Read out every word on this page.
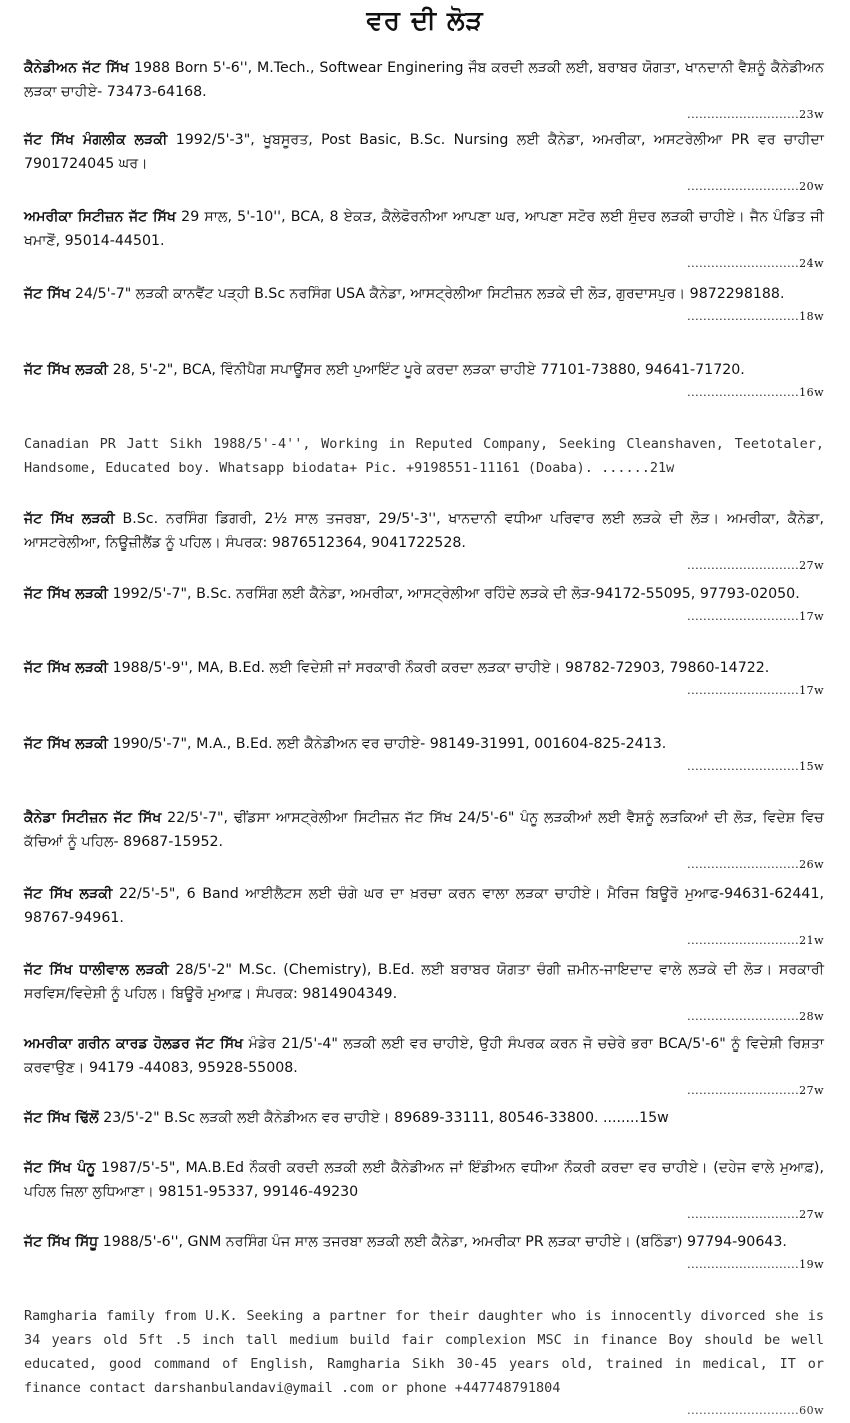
ਵਰ ਦੀ ਲੋੜ
ਕੈਨੇਡੀਅਨ ਜੱਟ ਸਿੱਖ 1988 Born 5'-6'', M.Tech., Softwear Enginering ਜੌਬ ਕਰਦੀ ਲੜਕੀ ਲਈ, ਬਰਾਬਰ ਯੋਗਤਾ, ਖਾਨਦਾਨੀ ਵੈਸ਼ਨੂੰ ਕੈਨੇਡੀਅਨ ਲੜਕਾ ਚਾਹੀਏ- 73473-64168.
............................23w
ਜੱਟ ਸਿੱਖ ਮੰਗਲੀਕ ਲੜਕੀ 1992/5'-3", ਖੂਬਸੂਰਤ, Post Basic, B.Sc. Nursing ਲਈ ਕੈਨੇਡਾ, ਅਮਰੀਕਾ, ਅਸਟਰੇਲੀਆ PR ਵਰ ਚਾਹੀਦਾ 7901724045 ਘਰ।
............................20w
ਅਮਰੀਕਾ ਸਿਟੀਜ਼ਨ ਜੱਟ ਸਿੱਖ 29 ਸਾਲ, 5'-10'', BCA, 8 ਏਕੜ, ਕੈਲੇਫੋਰਨੀਆ ਆਪਣਾ ਘਰ, ਆਪਣਾ ਸਟੋਰ ਲਈ ਸੁੰਦਰ ਲੜਕੀ ਚਾਹੀਏ। ਜੈਨ ਪੰਡਿਤ ਜੀ ਖਮਾਣੋਂ, 95014-44501.
............................24w
ਜੱਟ ਸਿੱਖ 24/5'-7" ਲੜਕੀ ਕਾਨਵੈਂਟ ਪੜ੍ਹੀ B.Sc ਨਰਸਿੰਗ USA ਕੈਨੇਡਾ, ਆਸਟ੍ਰੇਲੀਆ ਸਿਟੀਜ਼ਨ ਲੜਕੇ ਦੀ ਲੋੜ, ਗੁਰਦਾਸਪੁਰ। 9872298188.
............................18w
ਜੱਟ ਸਿੱਖ ਲੜਕੀ 28, 5'-2", BCA, ਵਿੰਨੀਪੈਗ ਸਪਾਊਂਸਰ ਲਈ ਪੁਆਇੰਟ ਪੂਰੇ ਕਰਦਾ ਲੜਕਾ ਚਾਹੀਏ 77101-73880, 94641-71720.
............................16w
Canadian PR Jatt Sikh 1988/5'-4'', Working in Reputed Company, Seeking Cleanshaven, Teetotaler, Handsome, Educated boy. Whatsapp biodata+ Pic. +9198551-11161 (Doaba). ......21w
ਜੱਟ ਸਿੱਖ ਲੜਕੀ B.Sc. ਨਰਸਿੰਗ ਡਿਗਰੀ, 2½ ਸਾਲ ਤਜਰਬਾ, 29/5'-3'', ਖਾਨਦਾਨੀ ਵਧੀਆ ਪਰਿਵਾਰ ਲਈ ਲੜਕੇ ਦੀ ਲੋੜ। ਅਮਰੀਕਾ, ਕੈਨੇਡਾ, ਆਸਟਰੇਲੀਆ, ਨਿਊਜ਼ੀਲੈਂਡ ਨੂੰ ਪਹਿਲ। ਸੰਪਰਕ: 9876512364, 9041722528.
............................27w
ਜੱਟ ਸਿੱਖ ਲੜਕੀ 1992/5'-7", B.Sc. ਨਰਸਿੰਗ ਲਈ ਕੈਨੇਡਾ, ਅਮਰੀਕਾ, ਆਸਟ੍ਰੇਲੀਆ ਰਹਿੰਦੇ ਲੜਕੇ ਦੀ ਲੋੜ-94172-55095, 97793-02050.
............................17w
ਜੱਟ ਸਿੱਖ ਲੜਕੀ 1988/5'-9'', MA, B.Ed. ਲਈ ਵਿਦੇਸ਼ੀ ਜਾਂ ਸਰਕਾਰੀ ਨੌਕਰੀ ਕਰਦਾ ਲੜਕਾ ਚਾਹੀਏ। 98782-72903, 79860-14722.
............................17w
ਜੱਟ ਸਿੱਖ ਲੜਕੀ 1990/5'-7", M.A., B.Ed. ਲਈ ਕੈਨੇਡੀਅਨ ਵਰ ਚਾਹੀਏ- 98149-31991, 001604-825-2413.
............................15w
ਕੈਨੇਡਾ ਸਿਟੀਜ਼ਨ ਜੱਟ ਸਿੱਖ 22/5'-7", ਢੀਂਡਸਾ ਆਸਟ੍ਰੇਲੀਆ ਸਿਟੀਜ਼ਨ ਜੱਟ ਸਿੱਖ 24/5'-6" ਪੰਨੂ ਲੜਕੀਆਂ ਲਈ ਵੈਸ਼ਨੂੰ ਲੜਕਿਆਂ ਦੀ ਲੋੜ, ਵਿਦੇਸ਼ ਵਿਚ ਕੱਚਿਆਂ ਨੂੰ ਪਹਿਲ- 89687-15952.
............................26w
ਜੱਟ ਸਿੱਖ ਲੜਕੀ 22/5'-5", 6 Band ਆਈਲੈਟਸ ਲਈ ਚੰਗੇ ਘਰ ਦਾ ਖ਼ਰਚਾ ਕਰਨ ਵਾਲਾ ਲੜਕਾ ਚਾਹੀਏ। ਮੈਰਿਜ ਬਿਊਰੋ ਮੁਆਫ-94631-62441, 98767-94961.
............................21w
ਜੱਟ ਸਿੱਖ ਧਾਲੀਵਾਲ ਲੜਕੀ 28/5'-2" M.Sc. (Chemistry), B.Ed. ਲਈ ਬਰਾਬਰ ਯੋਗਤਾ ਚੰਗੀ ਜ਼ਮੀਨ-ਜਾਇਦਾਦ ਵਾਲੇ ਲੜਕੇ ਦੀ ਲੋੜ। ਸਰਕਾਰੀ ਸਰਵਿਸ/ਵਿਦੇਸ਼ੀ ਨੂੰ ਪਹਿਲ। ਬਿਊਰੋ ਮੁਆਫ਼। ਸੰਪਰਕ: 9814904349.
............................28w
ਅਮਰੀਕਾ ਗਰੀਨ ਕਾਰਡ ਹੋਲਡਰ ਜੱਟ ਸਿੱਖ ਮੰਡੇਰ 21/5'-4" ਲੜਕੀ ਲਈ ਵਰ ਚਾਹੀਏ, ਉਹੀ ਸੰਪਰਕ ਕਰਨ ਜੋ ਚਚੇਰੇ ਭਰਾ BCA/5'-6" ਨੂੰ ਵਿਦੇਸ਼ੀ ਰਿਸ਼ਤਾ ਕਰਵਾਉਣ। 94179 -44083, 95928-55008.
............................27w
ਜੱਟ ਸਿੱਖ ਢਿੱਲੋਂ 23/5'-2" B.Sc ਲੜਕੀ ਲਈ ਕੈਨੇਡੀਅਨ ਵਰ ਚਾਹੀਏ। 89689-33111, 80546-33800. ........15w
ਜੱਟ ਸਿੱਖ ਪੰਨੂ 1987/5'-5", MA.B.Ed ਨੌਕਰੀ ਕਰਦੀ ਲੜਕੀ ਲਈ ਕੈਨੇਡੀਅਨ ਜਾਂ ਇੰਡੀਅਨ ਵਧੀਆ ਨੌਕਰੀ ਕਰਦਾ ਵਰ ਚਾਹੀਏ। (ਦਹੇਜ ਵਾਲੇ ਮੁਆਫ਼), ਪਹਿਲ ਜ਼ਿਲਾ ਲੁਧਿਆਣਾ। 98151-95337, 99146-49230
............................27w
ਜੱਟ ਸਿੱਖ ਸਿੱਧੂ 1988/5'-6'', GNM ਨਰਸਿੰਗ ਪੰਜ ਸਾਲ ਤਜਰਬਾ ਲੜਕੀ ਲਈ ਕੈਨੇਡਾ, ਅਮਰੀਕਾ PR ਲੜਕਾ ਚਾਹੀਏ। (ਬਠਿੰਡਾ) 97794-90643.
............................19w
Ramgharia family from U.K. Seeking a partner for their daughter who is innocently divorced she is 34 years old 5ft .5 inch tall medium build fair complexion MSC in finance Boy should be well educated, good command of English, Ramgharia Sikh 30-45 years old, trained in medical, IT or finance contact darshanbulandavi@ymail .com or phone +447748791804
............................60w
